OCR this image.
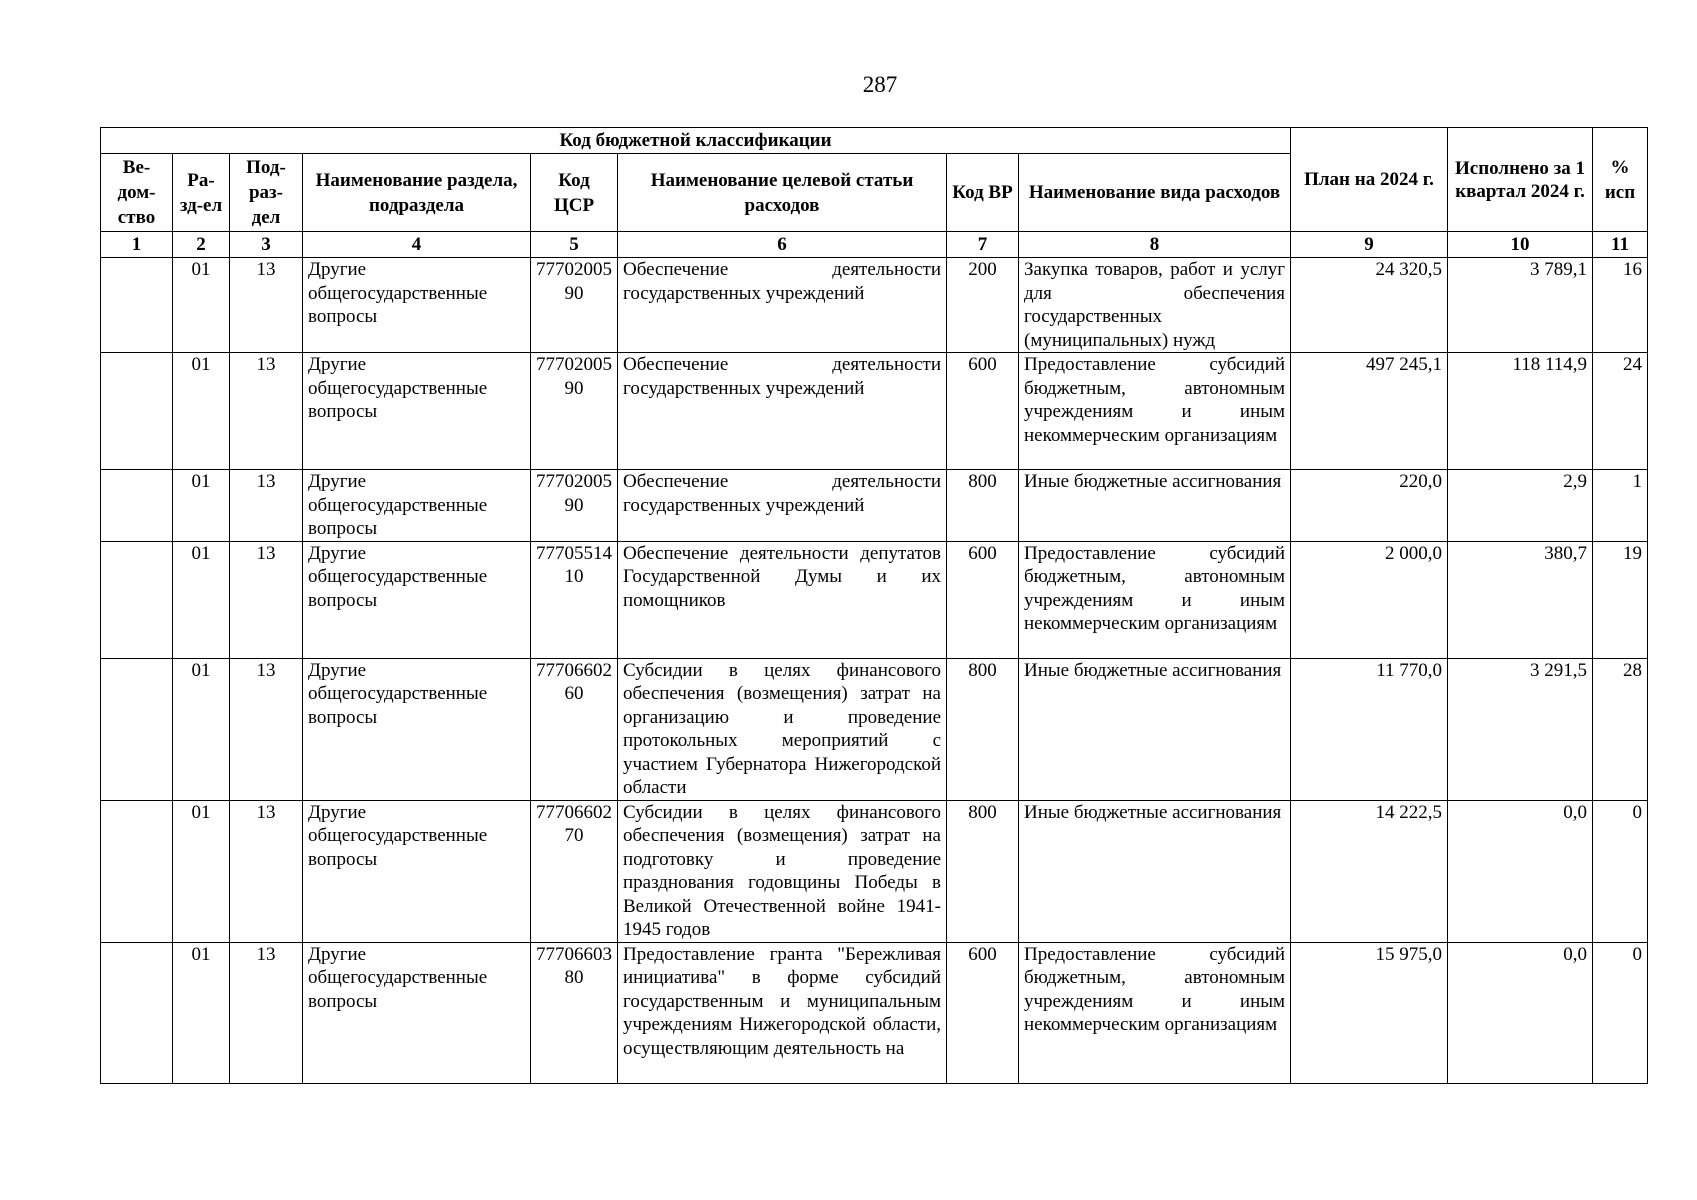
287
Код бюджетной классификации								План на 2024 г.	Исполнено за 1 квартал 2024 г.	% исп
Ве-дом-ство	Ра-зд-ел	Под-раз-дел	Наименование раздела, подраздела	Код ЦСР	Наименование целевой статьи расходов	Код ВР	Наименование вида расходов			
1	2	3	4	5	6	7	8	9	10	11
	01	13	Другие общегосударственные вопросы	7770200590	Обеспечение деятельности государственных учреждений	200	Закупка товаров, работ и услуг для обеспечения государственных (муниципальных) нужд	24 320,5	3 789,1	16
	01	13	Другие общегосударственные вопросы	7770200590	Обеспечение деятельности государственных учреждений	600	Предоставление субсидий бюджетным, автономным учреждениям и иным некоммерческим организациям	497 245,1	118 114,9	24
	01	13	Другие общегосударственные вопросы	7770200590	Обеспечение деятельности государственных учреждений	800	Иные бюджетные ассигнования	220,0	2,9	1
	01	13	Другие общегосударственные вопросы	7770551410	Обеспечение деятельности депутатов Государственной Думы и их помощников	600	Предоставление субсидий бюджетным, автономным учреждениям и иным некоммерческим организациям	2 000,0	380,7	19
	01	13	Другие общегосударственные вопросы	7770660260	Субсидии в целях финансового обеспечения (возмещения) затрат на организацию и проведение протокольных мероприятий с участием Губернатора Нижегородской области	800	Иные бюджетные ассигнования	11 770,0	3 291,5	28
	01	13	Другие общегосударственные вопросы	7770660270	Субсидии в целях финансового обеспечения (возмещения) затрат на подготовку и проведение празднования годовщины Победы в Великой Отечественной войне 1941-1945 годов	800	Иные бюджетные ассигнования	14 222,5	0,0	0
	01	13	Другие общегосударственные вопросы	7770660380	Предоставление гранта "Бережливая инициатива" в форме субсидий государственным и муниципальным учреждениям Нижегородской области, осуществляющим деятельность на	600	Предоставление субсидий бюджетным, автономным учреждениям и иным некоммерческим организациям	15 975,0	0,0	0
